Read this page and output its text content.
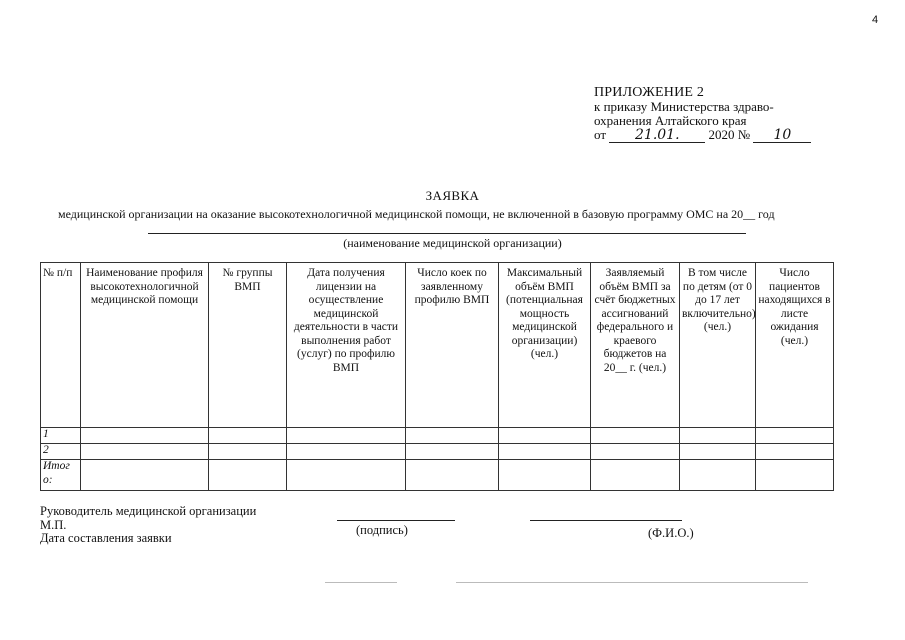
4
ПРИЛОЖЕНИЕ 2
к приказу Министерства здраво-
охранения Алтайского края
от 21.01. 2020 № 10
ЗАЯВКА
медицинской организации на оказание высокотехнологичной медицинской помощи, не включенной в базовую программу ОМС на 20__ год
(наименование медицинской организации)
№ п/п	Наименование профиля высокотехнологичной медицинской помощи	№ группы ВМП	Дата получения лицензии на осуществление медицинской деятельности в части выполнения работ (услуг) по профилю ВМП	Число коек по заявленному профилю ВМП	Максимальный объём ВМП (потенциальная мощность медицинской организации) (чел.)	Заявляемый объём ВМП за счёт бюджетных ассигнований федерального и краевого бюджетов на 20__ г. (чел.)	В том числе по детям (от 0 до 17 лет включительно) (чел.)	Число пациентов находящихся в листе ожидания (чел.)
1								
2								
Итого:								
Руководитель медицинской организации
М.П.
Дата составления заявки
(подпись)	(Ф.И.О.)
